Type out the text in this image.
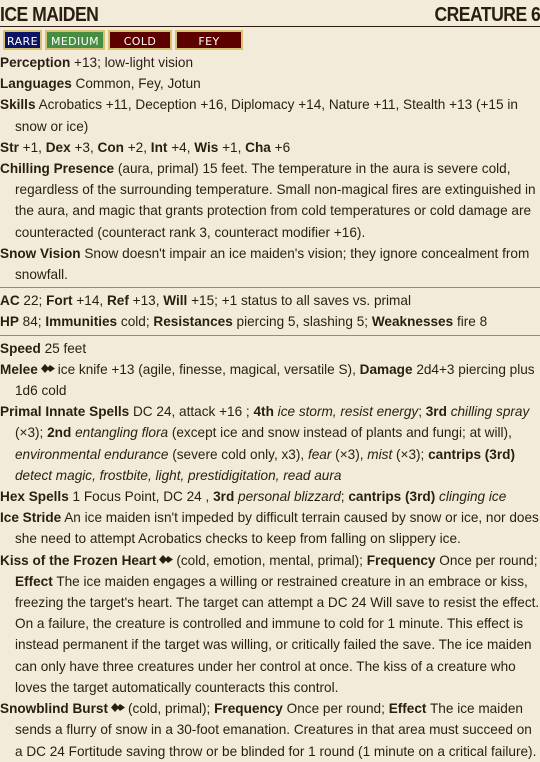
ICE MAIDEN	CREATURE 6
RARE	MEDIUM	COLD	FEY

Perception +13; low-light vision

Languages Common, Fey, Jotun

Skills Acrobatics +11, Deception +16, Diplomacy +14, Nature +11, Stealth +13 (+15 in snow or ice)

Str +1, Dex +3, Con +2, Int +4, Wis +1, Cha +6

Chilling Presence (aura, primal) 15 feet. The temperature in the aura is severe cold, regardless of the surrounding temperature. Small non-magical fires are extinguished in the aura, and magic that grants protection from cold temperatures or cold damage are counteracted (counteract rank 3, counteract modifier +16).

Snow Vision Snow doesn't impair an ice maiden's vision; they ignore concealment from snowfall.

AC 22; Fort +14, Ref +13, Will +15; +1 status to all saves vs. primal

HP 84; Immunities cold; Resistances piercing 5, slashing 5; Weaknesses fire 8

Speed 25 feet

Melee ice knife +13 (agile, finesse, magical, versatile S), Damage 2d4+3 piercing plus 1d6 cold

Primal Innate Spells DC 24, attack +16 ; 4th ice storm, resist energy; 3rd chilling spray (×3); 2nd entangling flora (except ice and snow instead of plants and fungi; at will), environmental endurance (severe cold only, x3), fear (×3), mist (×3); cantrips (3rd) detect magic, frostbite, light, prestidigitation, read aura

Hex Spells 1 Focus Point, DC 24 , 3rd personal blizzard; cantrips (3rd) clinging ice

Ice Stride An ice maiden isn't impeded by difficult terrain caused by snow or ice, nor does she need to attempt Acrobatics checks to keep from falling on slippery ice.

Kiss of the Frozen Heart (cold, emotion, mental, primal); Frequency Once per round; Effect The ice maiden engages a willing or restrained creature in an embrace or kiss, freezing the target's heart. The target can attempt a DC 24 Will save to resist the effect. On a failure, the creature is controlled and immune to cold for 1 minute. This effect is instead permanent if the target was willing, or critically failed the save. The ice maiden can only have three creatures under her control at once. The kiss of a creature who loves the target automatically counteracts this control.

Snowblind Burst (cold, primal); Frequency Once per round; Effect The ice maiden sends a flurry of snow in a 30-foot emanation. Creatures in that area must succeed on a DC 24 Fortitude saving throw or be blinded for 1 round (1 minute on a critical failure).
